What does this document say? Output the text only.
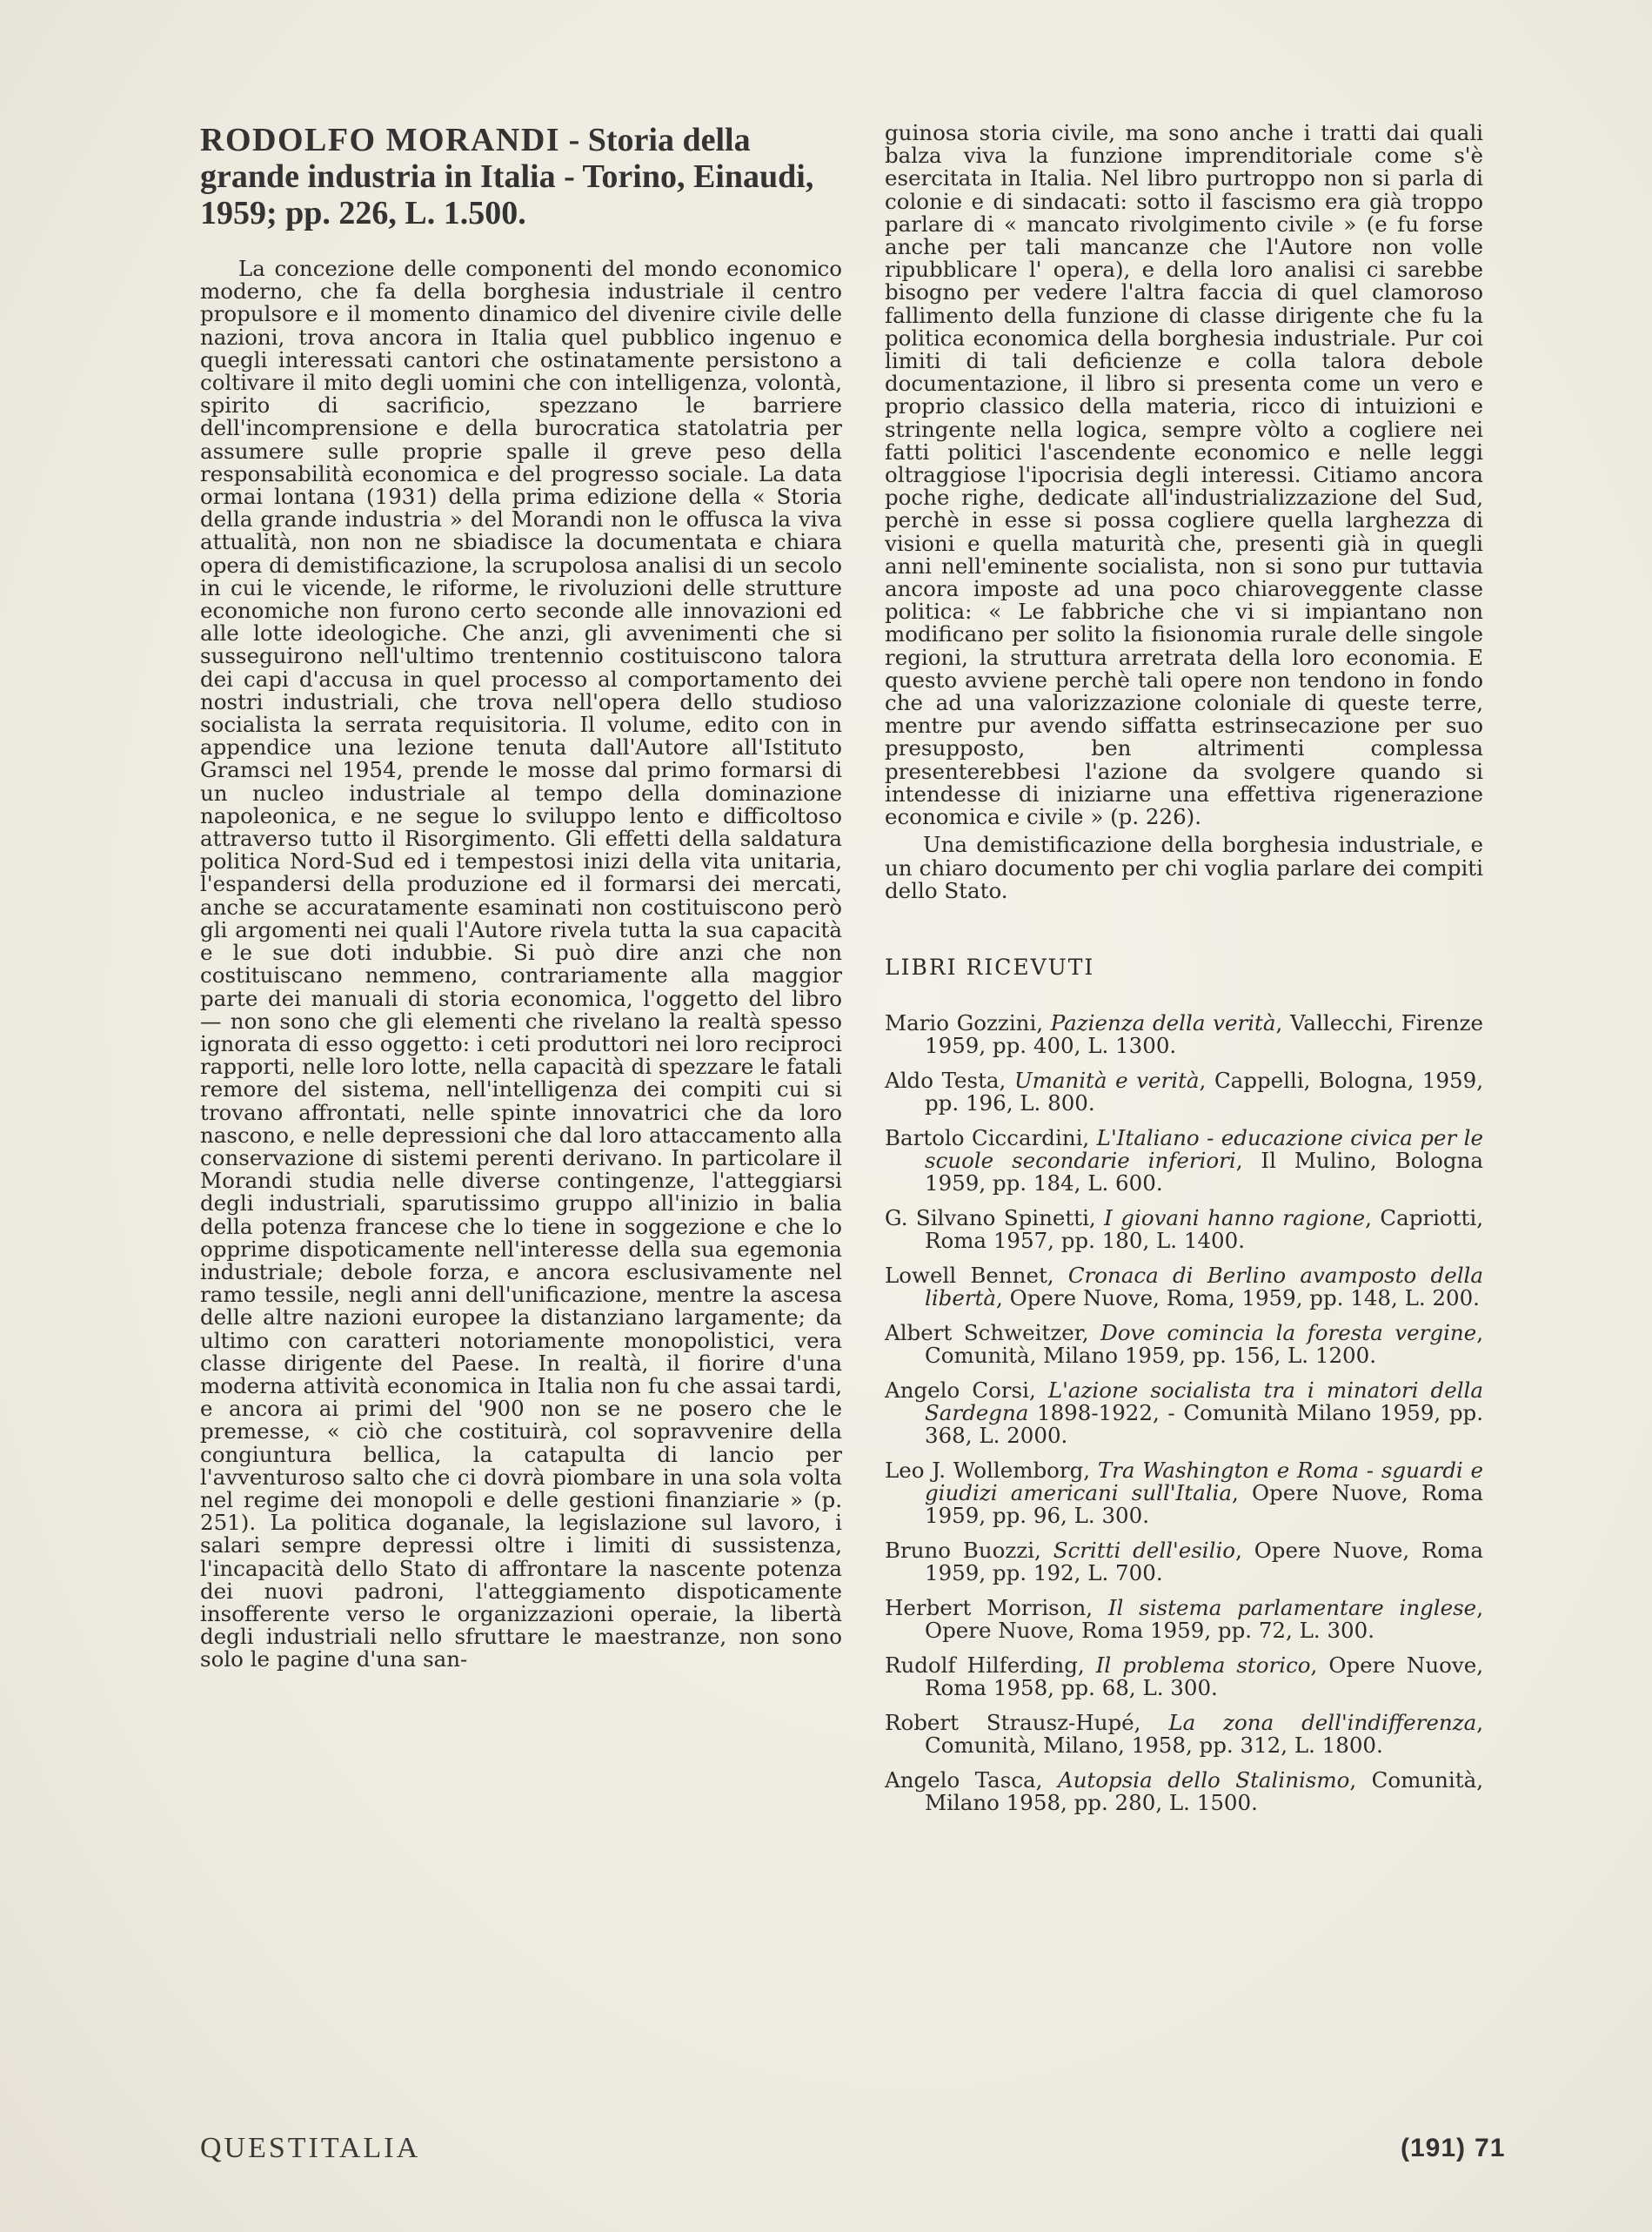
RODOLFO MORANDI - Storia della grande industria in Italia - Torino, Einaudi, 1959; pp. 226, L. 1.500.

La concezione delle componenti del mondo economico moderno, che fa della borghesia industriale il centro propulsore e il momento dinamico del divenire civile delle nazioni, trova ancora in Italia quel pubblico ingenuo e quegli interessati cantori che ostinatamente persistono a coltivare il mito degli uomini che con intelligenza, volontà, spirito di sacrificio, spezzano le barriere dell'incomprensione e della burocratica statolatria per assumere sulle proprie spalle il greve peso della responsabilità economica e del progresso sociale. La data ormai lontana (1931) della prima edizione della « Storia della grande industria » del Morandi non le offusca la viva attualità, non non ne sbiadisce la documentata e chiara opera di demistificazione, la scrupolosa analisi di un secolo in cui le vicende, le riforme, le rivoluzioni delle strutture economiche non furono certo seconde alle innovazioni ed alle lotte ideologiche. Che anzi, gli avvenimenti che si susseguirono nell'ultimo trentennio costituiscono talora dei capi d'accusa in quel processo al comportamento dei nostri industriali, che trova nell'opera dello studioso socialista la serrata requisitoria. Il volume, edito con in appendice una lezione tenuta dall'Autore all'Istituto Gramsci nel 1954, prende le mosse dal primo formarsi di un nucleo industriale al tempo della dominazione napoleonica, e ne segue lo sviluppo lento e difficoltoso attraverso tutto il Risorgimento. Gli effetti della saldatura politica Nord-Sud ed i tempestosi inizi della vita unitaria, l'espandersi della produzione ed il formarsi dei mercati, anche se accuratamente esaminati non costituiscono però gli argomenti nei quali l'Autore rivela tutta la sua capacità e le sue doti indubbie. Si può dire anzi che non costituiscano nemmeno, contrariamente alla maggior parte dei manuali di storia economica, l'oggetto del libro — non sono che gli elementi che rivelano la realtà spesso ignorata di esso oggetto: i ceti produttori nei loro reciproci rapporti, nelle loro lotte, nella capacità di spezzare le fatali remore del sistema, nell'intelligenza dei compiti cui si trovano affrontati, nelle spinte innovatrici che da loro nascono, e nelle depressioni che dal loro attaccamento alla conservazione di sistemi perenti derivano. In particolare il Morandi studia nelle diverse contingenze, l'atteggiarsi degli industriali, sparutissimo gruppo all'inizio in balia della potenza francese che lo tiene in soggezione e che lo opprime dispoticamente nell'interesse della sua egemonia industriale; debole forza, e ancora esclusivamente nel ramo tessile, negli anni dell'unificazione, mentre la ascesa delle altre nazioni europee la distanziano largamente; da ultimo con caratteri notoriamente monopolistici, vera classe dirigente del Paese. In realtà, il fiorire d'una moderna attività economica in Italia non fu che assai tardi, e ancora ai primi del '900 non se ne posero che le premesse, « ciò che costituirà, col sopravvenire della congiuntura bellica, la catapulta di lancio per l'avventuroso salto che ci dovrà piombare in una sola volta nel regime dei monopoli e delle gestioni finanziarie » (p. 251). La politica doganale, la legislazione sul lavoro, i salari sempre depressi oltre i limiti di sussistenza, l'incapacità dello Stato di affrontare la nascente potenza dei nuovi padroni, l'atteggiamento dispoticamente insofferente verso le organizzazioni operaie, la libertà degli industriali nello sfruttare le maestranze, non sono solo le pagine d'una san-

guinosa storia civile, ma sono anche i tratti dai quali balza viva la funzione imprenditoriale come s'è esercitata in Italia. Nel libro purtroppo non si parla di colonie e di sindacati: sotto il fascismo era già troppo parlare di « mancato rivolgimento civile » (e fu forse anche per tali mancanze che l'Autore non volle ripubblicare l' opera), e della loro analisi ci sarebbe bisogno per vedere l'altra faccia di quel clamoroso fallimento della funzione di classe dirigente che fu la politica economica della borghesia industriale. Pur coi limiti di tali deficienze e colla talora debole documentazione, il libro si presenta come un vero e proprio classico della materia, ricco di intuizioni e stringente nella logica, sempre vòlto a cogliere nei fatti politici l'ascendente economico e nelle leggi oltraggiose l'ipocrisia degli interessi. Citiamo ancora poche righe, dedicate all'industrializzazione del Sud, perchè in esse si possa cogliere quella larghezza di visioni e quella maturità che, presenti già in quegli anni nell'eminente socialista, non si sono pur tuttavia ancora imposte ad una poco chiaroveggente classe politica: « Le fabbriche che vi si impiantano non modificano per solito la fisionomia rurale delle singole regioni, la struttura arretrata della loro economia. E questo avviene perchè tali opere non tendono in fondo che ad una valorizzazione coloniale di queste terre, mentre pur avendo siffatta estrinsecazione per suo presupposto, ben altrimenti complessa presenterebbesi l'azione da svolgere quando si intendesse di iniziarne una effettiva rigenerazione economica e civile » (p. 226).

Una demistificazione della borghesia industriale, e un chiaro documento per chi voglia parlare dei compiti dello Stato.

LIBRI RICEVUTI

Mario Gozzini, Pazienza della verità, Vallecchi, Firenze 1959, pp. 400, L. 1300.

Aldo Testa, Umanità e verità, Cappelli, Bologna, 1959, pp. 196, L. 800.

Bartolo Ciccardini, L'Italiano - educazione civica per le scuole secondarie inferiori, Il Mulino, Bologna 1959, pp. 184, L. 600.

G. Silvano Spinetti, I giovani hanno ragione, Capriotti, Roma 1957, pp. 180, L. 1400.

Lowell Bennet, Cronaca di Berlino avamposto della libertà, Opere Nuove, Roma, 1959, pp. 148, L. 200.

Albert Schweitzer, Dove comincia la foresta vergine, Comunità, Milano 1959, pp. 156, L. 1200.

Angelo Corsi, L'azione socialista tra i minatori della Sardegna 1898-1922, - Comunità Milano 1959, pp. 368, L. 2000.

Leo J. Wollemborg, Tra Washington e Roma - sguardi e giudizi americani sull'Italia, Opere Nuove, Roma 1959, pp. 96, L. 300.

Bruno Buozzi, Scritti dell'esilio, Opere Nuove, Roma 1959, pp. 192, L. 700.

Herbert Morrison, Il sistema parlamentare inglese, Opere Nuove, Roma 1959, pp. 72, L. 300.

Rudolf Hilferding, Il problema storico, Opere Nuove, Roma 1958, pp. 68, L. 300.

Robert Strausz-Hupé, La zona dell'indifferenza, Comunità, Milano, 1958, pp. 312, L. 1800.

Angelo Tasca, Autopsia dello Stalinismo, Comunità, Milano 1958, pp. 280, L. 1500.

QUESTITALIA	(191) 71
